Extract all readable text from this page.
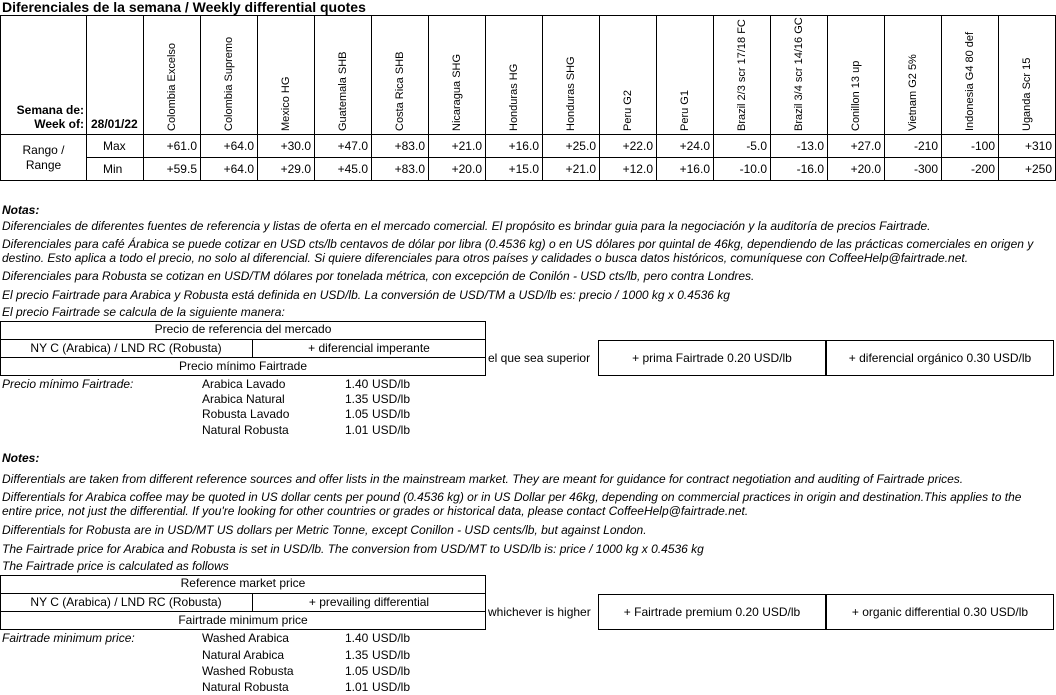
Diferenciales de la semana / Weekly differential quotes
Semana de:
Week of:	28/01/22	Colombia Excelso	Colombia Supremo	Mexico HG	Guatemala SHB	Costa Rica SHB	Nicaragua SHG	Honduras HG	Honduras SHG	Peru G2	Peru G1	Brazil 2/3 scr 17/18 FC	Brazil 3/4 scr 14/16 GC	Conillon 13 up	Vietnam G2 5%	Indonesia G4 80 def	Uganda Scr 15

Rango /
Range	Max	+61.0	+64.0	+30.0	+47.0	+83.0	+21.0	+16.0	+25.0	+22.0	+24.0	-5.0	-13.0	+27.0	-210	-100	+310
	Min	+59.5	+64.0	+29.0	+45.0	+83.0	+20.0	+15.0	+21.0	+12.0	+16.0	-10.0	-16.0	+20.0	-300	-200	+250
Notas:
Diferenciales de diferentes fuentes de referencia y listas de oferta en el mercado comercial. El propósito es brindar guia para la negociación y la auditoría de precios Fairtrade.
Diferenciales para café Árabica se puede cotizar en USD cts/lb centavos de dólar por libra (0.4536 kg) o en US dólares por quintal de 46kg, dependiendo de las prácticas comerciales en origen y destino. Esto aplica a todo el precio, no solo al diferencial. Si quiere diferenciales para otros países y calidades o busca datos históricos, comuníquese con CoffeeHelp@fairtrade.net.
Diferenciales para Robusta se cotizan en USD/TM dólares por tonelada métrica, con excepción de Conilón - USD cts/lb, pero contra Londres.
El precio Fairtrade para Arabica y Robusta está definida en USD/lb. La conversión de USD/TM a USD/lb es: precio / 1000 kg x 0.4536 kg
El precio Fairtrade se calcula de la siguiente manera:
Precio de referencia del mercado
NY C (Arabica) / LND RC (Robusta)	+ diferencial imperante
Precio mínimo Fairtrade
el que sea superior	+ prima Fairtrade 0.20 USD/lb	+ diferencial orgánico 0.30 USD/lb
Precio mínimo Fairtrade:	Arabica Lavado	1.40 USD/lb
Arabica Natural	1.35 USD/lb
Robusta Lavado	1.05 USD/lb
Natural Robusta	1.01 USD/lb
Notes:
Differentials are taken from different reference sources and offer lists in the mainstream market. They are meant for guidance for contract negotiation and auditing of Fairtrade prices.
Differentials for Arabica coffee may be quoted in US dollar cents per pound (0.4536 kg) or in US Dollar per 46kg, depending on commercial practices in origin and destination.This applies to the entire price, not just the differential. If you're looking for other countries or grades or historical data, please contact CoffeeHelp@fairtrade.net.
Differentials for Robusta are in USD/MT US dollars per Metric Tonne, except Conillon - USD cents/lb, but against London.
The Fairtrade price for Arabica and Robusta is set in USD/lb. The conversion from USD/MT to USD/lb is: price / 1000 kg x 0.4536 kg
The Fairtrade price is calculated as follows
Reference market price
NY C (Arabica) / LND RC (Robusta)	+ prevailing differential
Fairtrade minimum price
whichever is higher	+ Fairtrade premium 0.20 USD/lb	+ organic differential 0.30 USD/lb
Fairtrade minimum price:	Washed Arabica	1.40 USD/lb
Natural Arabica	1.35 USD/lb
Washed Robusta	1.05 USD/lb
Natural Robusta	1.01 USD/lb
